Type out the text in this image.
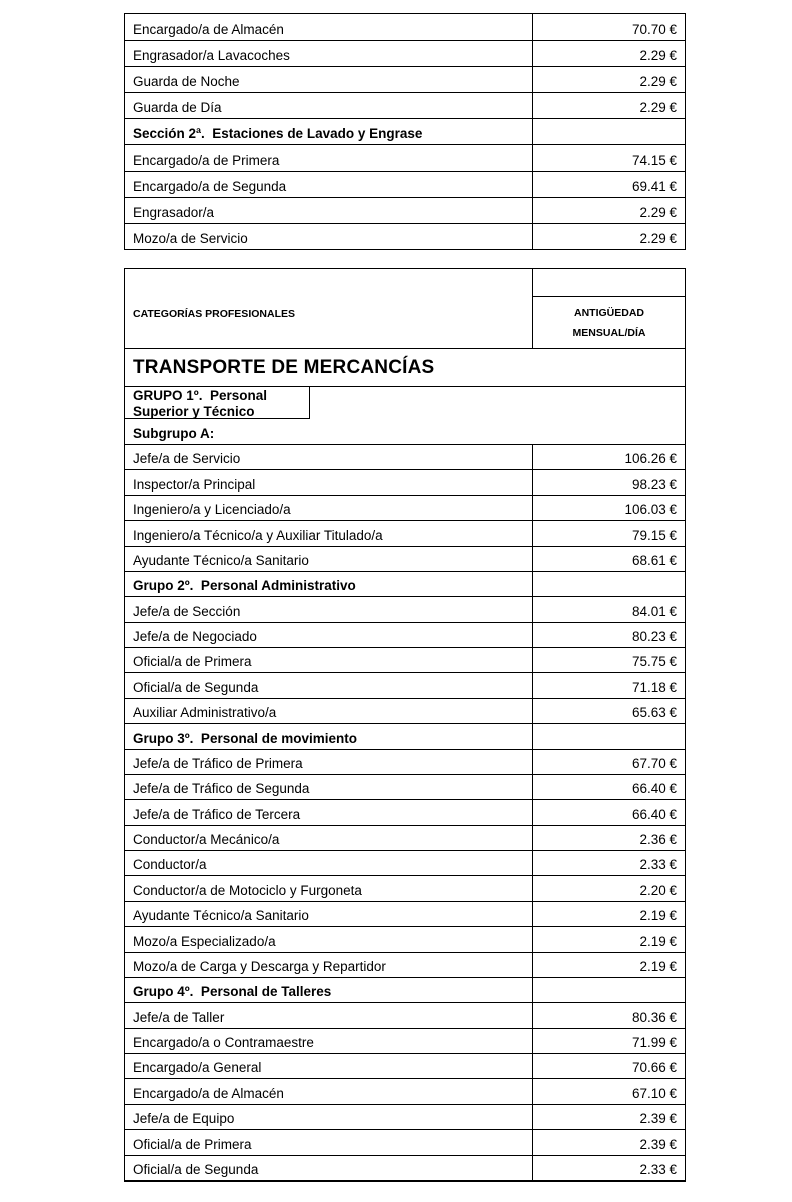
Encargado/a de Almacén	70.70 €
Engrasador/a Lavacoches	2.29 €
Guarda de Noche	2.29 €
Guarda de Día	2.29 €
Sección 2ª.  Estaciones de Lavado y Engrase
Encargado/a de Primera	74.15 €
Encargado/a de Segunda	69.41 €
Engrasador/a	2.29 €
Mozo/a de Servicio	2.29 €
CATEGORÍAS PROFESIONALES	ANTIGÜEDAD
MENSUAL/DÍA
TRANSPORTE DE MERCANCÍAS
GRUPO 1º.  Personal Superior y Técnico
Subgrupo A:
Jefe/a de Servicio	106.26 €
Inspector/a Principal	98.23 €
Ingeniero/a y Licenciado/a	106.03 €
Ingeniero/a Técnico/a y Auxiliar Titulado/a	79.15 €
Ayudante Técnico/a Sanitario	68.61 €
Grupo 2º.  Personal Administrativo
Jefe/a de Sección	84.01 €
Jefe/a de Negociado	80.23 €
Oficial/a de Primera	75.75 €
Oficial/a de Segunda	71.18 €
Auxiliar Administrativo/a	65.63 €
Grupo 3º.  Personal de movimiento
Jefe/a de Tráfico de Primera	67.70 €
Jefe/a de Tráfico de Segunda	66.40 €
Jefe/a de Tráfico de Tercera	66.40 €
Conductor/a Mecánico/a	2.36 €
Conductor/a	2.33 €
Conductor/a de Motociclo y Furgoneta	2.20 €
Ayudante Técnico/a Sanitario	2.19 €
Mozo/a Especializado/a	2.19 €
Mozo/a de Carga y Descarga y Repartidor	2.19 €
Grupo 4º.  Personal de Talleres
Jefe/a de Taller	80.36 €
Encargado/a o Contramaestre	71.99 €
Encargado/a General	70.66 €
Encargado/a de Almacén	67.10 €
Jefe/a de Equipo	2.39 €
Oficial/a de Primera	2.39 €
Oficial/a de Segunda	2.33 €
